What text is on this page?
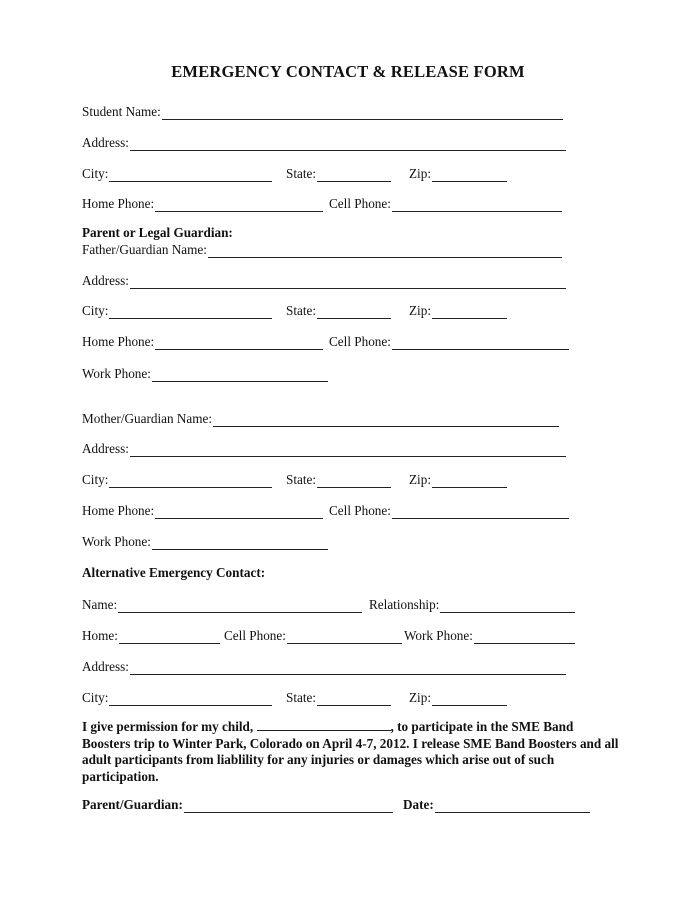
EMERGENCY CONTACT & RELEASE FORM
Student Name:
Address:
City:	State:	Zip:
Home Phone:	Cell Phone:
Parent or Legal Guardian:
Father/Guardian Name:
Address:
City:	State:	Zip:
Home Phone:	Cell Phone:
Work Phone:
Mother/Guardian Name:
Address:
City:	State:	Zip:
Home Phone:	Cell Phone:
Work Phone:
Alternative Emergency Contact:
Name:	Relationship:
Home:	Cell Phone:	Work Phone:
Address:
City:	State:	Zip:
I give permission for my child,	, to participate in the SME Band Boosters trip to Winter Park, Colorado on April 4-7, 2012. I release SME Band Boosters and all adult participants from liablility for any injuries or damages which arise out of such participation.
Parent/Guardian:	Date:
